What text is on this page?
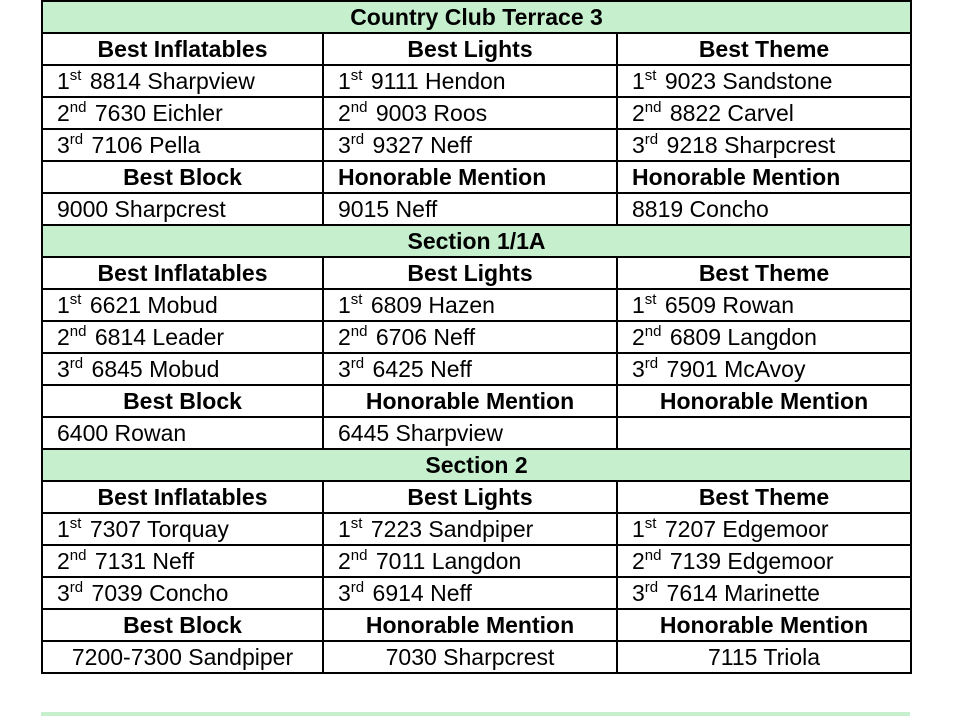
Country Club Terrace 3		
Best Inflatables	Best Lights	Best Theme
1st 8814 Sharpview	1st 9111 Hendon	1st 9023 Sandstone
2nd 7630 Eichler	2nd 9003 Roos	2nd 8822 Carvel
3rd 7106 Pella	3rd 9327 Neff	3rd 9218 Sharpcrest
Best Block	Honorable Mention	Honorable Mention
9000 Sharpcrest	9015 Neff	8819 Concho
Section 1/1A		
Best Inflatables	Best Lights	Best Theme
1st 6621 Mobud	1st 6809 Hazen	1st 6509 Rowan
2nd 6814 Leader	2nd 6706 Neff	2nd 6809 Langdon
3rd 6845 Mobud	3rd 6425 Neff	3rd 7901 McAvoy
Best Block	Honorable Mention	Honorable Mention
6400 Rowan	6445 Sharpview	
Section 2		
Best Inflatables	Best Lights	Best Theme
1st 7307 Torquay	1st 7223 Sandpiper	1st 7207 Edgemoor
2nd 7131 Neff	2nd 7011 Langdon	2nd 7139 Edgemoor
3rd 7039 Concho	3rd 6914 Neff	3rd 7614 Marinette
Best Block	Honorable Mention	Honorable Mention
7200-7300 Sandpiper	7030 Sharpcrest	7115 Triola
